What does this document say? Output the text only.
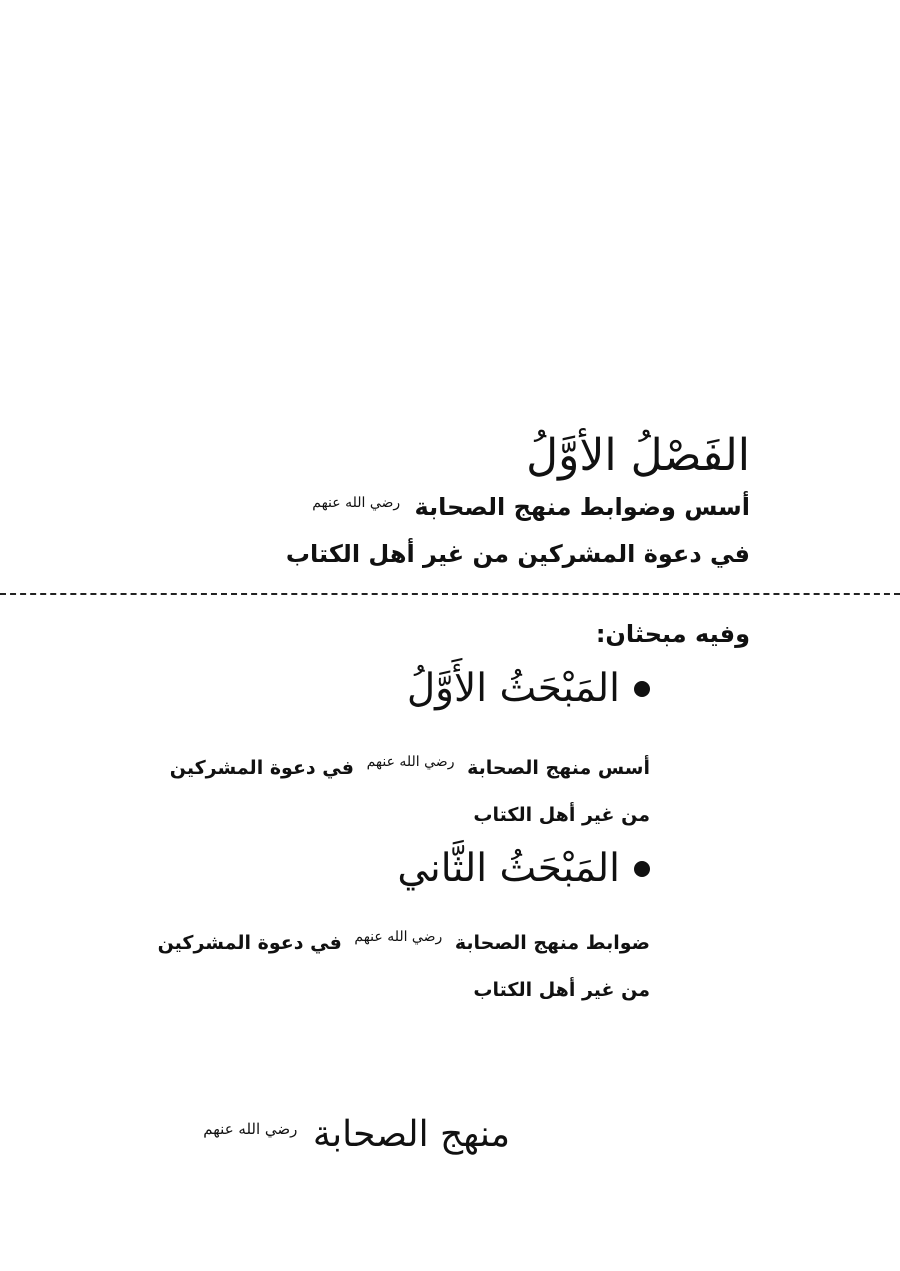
الفَصْلُ الأوَّلُ
أسس وضوابط منهج الصحابة $^{رضي الله عنهم}$
في دعوة المشركين من غير أهل الكتاب
وفيه مبحثان:
المَبْحَثُ الأَوَّلُ
أسس منهج الصحابة $^{رضي الله عنهم}$ في دعوة المشركين
من غير أهل الكتاب
المَبْحَثُ الثَّاني
ضوابط منهج الصحابة $^{رضي الله عنهم}$ في دعوة المشركين
من غير أهل الكتاب
منهج الصحابة رضي الله عنهم
